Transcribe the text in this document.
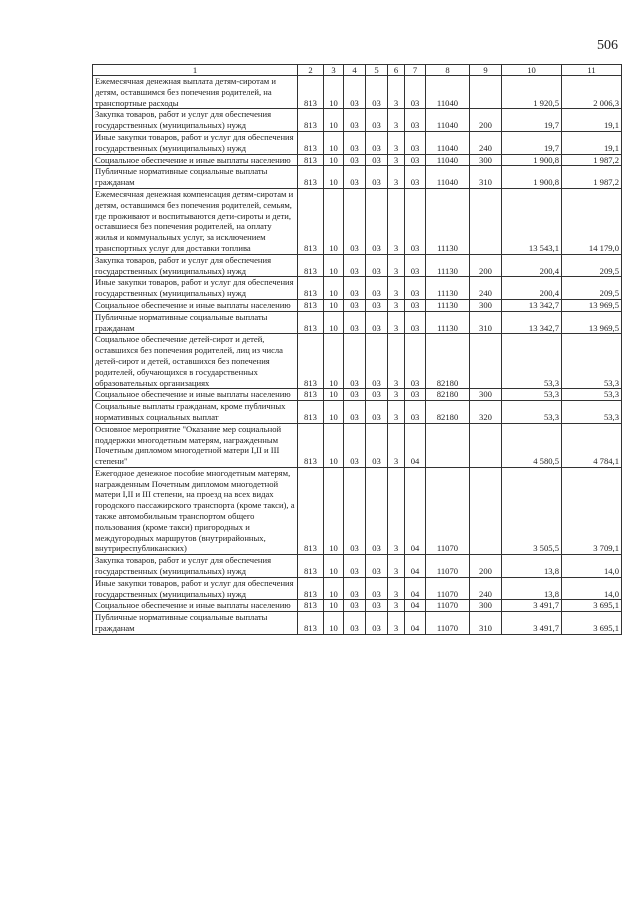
506
1	2	3	4	5	6	7	8	9	10	11
Ежемесячная денежная выплата детям-сиротам и детям, оставшимся без попечения родителей, на транспортные расходы	813	10	03	03	3	03	11040		1 920,5	2 006,3
Закупка товаров, работ и услуг для обеспечения государственных (муниципальных) нужд	813	10	03	03	3	03	11040	200	19,7	19,1
Иные закупки товаров, работ и услуг для обеспечения государственных (муниципальных) нужд	813	10	03	03	3	03	11040	240	19,7	19,1
Социальное обеспечение и иные выплаты населению	813	10	03	03	3	03	11040	300	1 900,8	1 987,2
Публичные нормативные социальные выплаты гражданам	813	10	03	03	3	03	11040	310	1 900,8	1 987,2
Ежемесячная денежная компенсация детям-сиротам и детям, оставшимся без попечения родителей, семьям, где проживают и воспитываются дети-сироты и дети, оставшиеся без попечения родителей, на оплату жилья и коммунальных услуг, за исключением транспортных услуг для доставки топлива	813	10	03	03	3	03	11130		13 543,1	14 179,0
Закупка товаров, работ и услуг для обеспечения государственных (муниципальных) нужд	813	10	03	03	3	03	11130	200	200,4	209,5
Иные закупки товаров, работ и услуг для обеспечения государственных (муниципальных) нужд	813	10	03	03	3	03	11130	240	200,4	209,5
Социальное обеспечение и иные выплаты населению	813	10	03	03	3	03	11130	300	13 342,7	13 969,5
Публичные нормативные социальные выплаты гражданам	813	10	03	03	3	03	11130	310	13 342,7	13 969,5
Социальное обеспечение детей-сирот и детей, оставшихся без попечения родителей, лиц из числа детей-сирот и детей, оставшихся без попечения родителей, обучающихся в государственных образовательных организациях	813	10	03	03	3	03	82180		53,3	53,3
Социальное обеспечение и иные выплаты населению	813	10	03	03	3	03	82180	300	53,3	53,3
Социальные выплаты гражданам, кроме публичных нормативных социальных выплат	813	10	03	03	3	03	82180	320	53,3	53,3
Основное мероприятие "Оказание мер социальной поддержки многодетным матерям, награжденным Почетным дипломом многодетной матери I,II и III степени"	813	10	03	03	3	04			4 580,5	4 784,1
Ежегодное денежное пособие многодетным матерям, награжденным Почетным дипломом многодетной матери I,II и III степени, на проезд на всех видах городского пассажирского транспорта (кроме такси), а также автомобильным транспортом общего пользования (кроме такси) пригородных и междугородных маршрутов (внутрирайонных, внутриреспубликанских)	813	10	03	03	3	04	11070		3 505,5	3 709,1
Закупка товаров, работ и услуг для обеспечения государственных (муниципальных) нужд	813	10	03	03	3	04	11070	200	13,8	14,0
Иные закупки товаров, работ и услуг для обеспечения государственных (муниципальных) нужд	813	10	03	03	3	04	11070	240	13,8	14,0
Социальное обеспечение и иные выплаты населению	813	10	03	03	3	04	11070	300	3 491,7	3 695,1
Публичные нормативные социальные выплаты гражданам	813	10	03	03	3	04	11070	310	3 491,7	3 695,1
